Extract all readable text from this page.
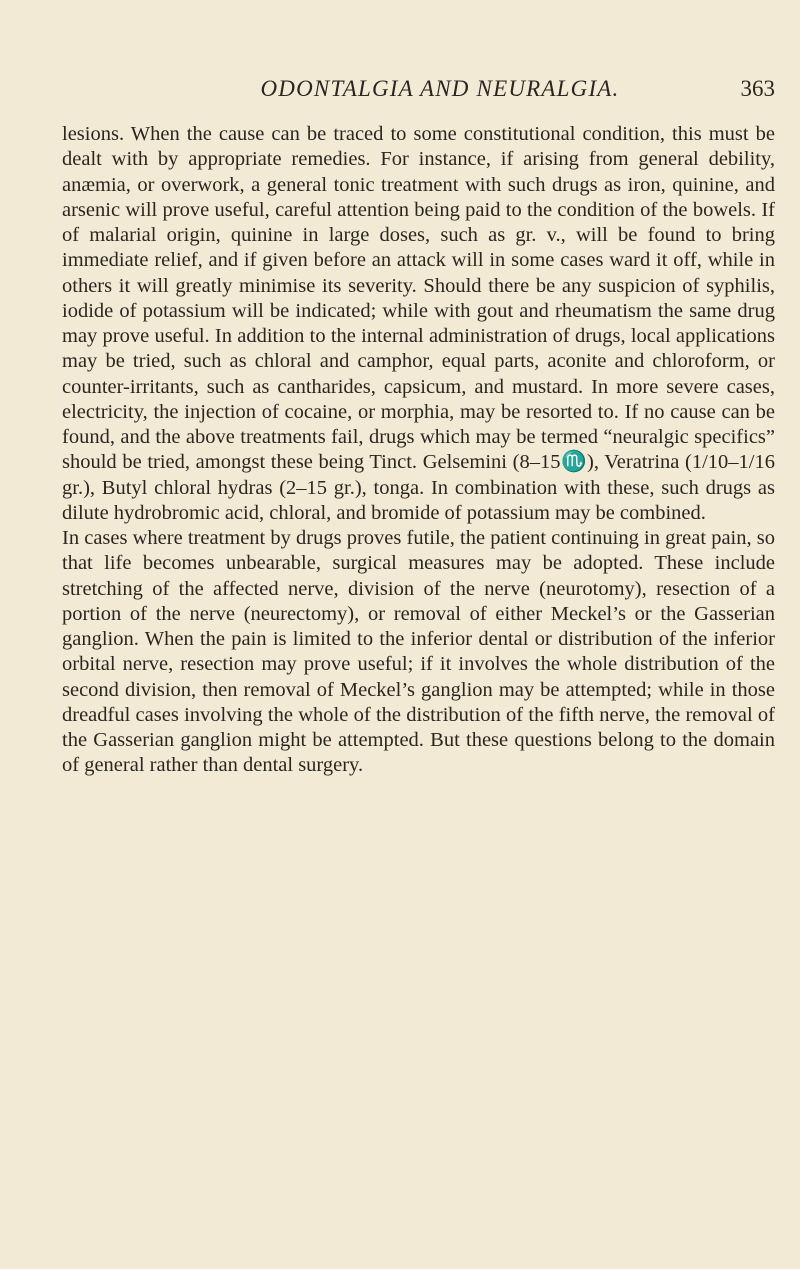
ODONTALGIA AND NEURALGIA.	363

lesions. When the cause can be traced to some constitutional condition, this must be dealt with by appropriate remedies. For instance, if arising from general debility, anæmia, or overwork, a general tonic treatment with such drugs as iron, quinine, and arsenic will prove useful, careful attention being paid to the condition of the bowels. If of malarial origin, quinine in large doses, such as gr. v., will be found to bring immediate relief, and if given before an attack will in some cases ward it off, while in others it will greatly minimise its severity. Should there be any suspicion of syphilis, iodide of potassium will be indicated; while with gout and rheumatism the same drug may prove useful. In addition to the internal administration of drugs, local applications may be tried, such as chloral and camphor, equal parts, aconite and chloroform, or counter-irritants, such as cantharides, capsicum, and mustard. In more severe cases, electricity, the injection of cocaine, or morphia, may be resorted to. If no cause can be found, and the above treatments fail, drugs which may be termed “neuralgic specifics” should be tried, amongst these being Tinct. Gelsemini (8–15♏), Veratrina (1/10–1/16 gr.), Butyl chloral hydras (2–15 gr.), tonga. In combination with these, such drugs as dilute hydrobromic acid, chloral, and bromide of potassium may be combined.

In cases where treatment by drugs proves futile, the patient continuing in great pain, so that life becomes unbearable, surgical measures may be adopted. These include stretching of the affected nerve, division of the nerve (neurotomy), resection of a portion of the nerve (neurectomy), or removal of either Meckel’s or the Gasserian ganglion. When the pain is limited to the inferior dental or distribution of the inferior orbital nerve, resection may prove useful; if it involves the whole distribution of the second division, then removal of Meckel’s ganglion may be attempted; while in those dreadful cases involving the whole of the distribution of the fifth nerve, the removal of the Gasserian ganglion might be attempted. But these questions belong to the domain of general rather than dental surgery.
